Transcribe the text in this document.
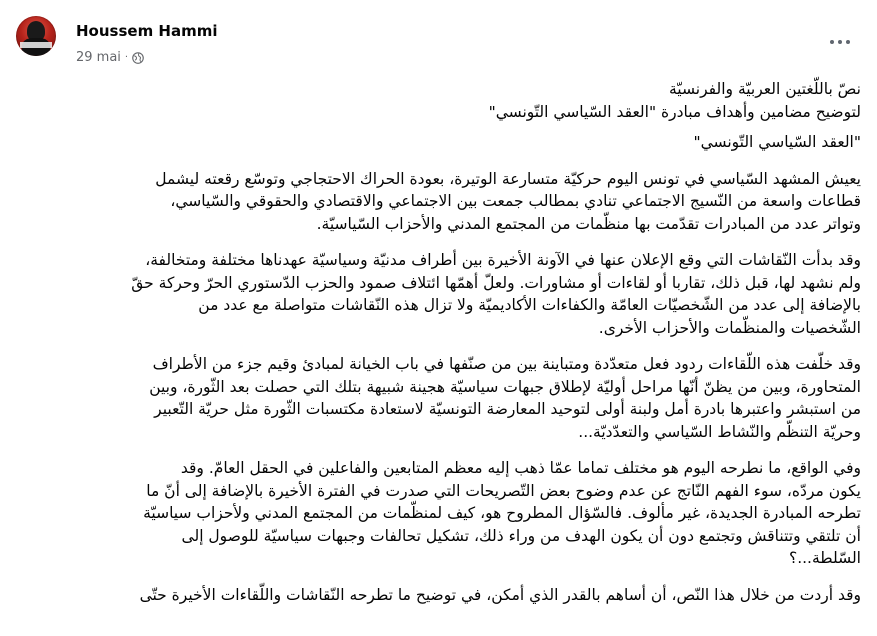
Houssem Hammi
29 mai ·

نصّ باللّغتين العربيّة والفرنسيّة
لتوضيح مضامين وأهداف مبادرة "العقد السّياسي التّونسي"

"العقد السّياسي التّونسي"

يعيش المشهد السّياسي في تونس اليوم حركيّة متسارعة الوتيرة، بعودة الحراك الاحتجاجي وتوسّع رقعته ليشمل
قطاعات واسعة من النّسيج الاجتماعي تنادي بمطالب جمعت بين الاجتماعي والاقتصادي والحقوقي والسّياسي،
وتواتر عدد من المبادرات تقدّمت بها منظّمات من المجتمع المدني والأحزاب السّياسيّة.

وقد بدأت النّقاشات التي وقع الإعلان عنها في الآونة الأخيرة بين أطراف مدنيّة وسياسيّة عهدناها مختلفة ومتخالفة،
ولم نشهد لها، قبل ذلك، تقاربا أو لقاءات أو مشاورات. ولعلّ أهمّها ائتلاف صمود والحزب الدّستوري الحرّ وحركة حقّ
بالإضافة إلى عدد من الشّخصيّات العامّة والكفاءات الأكاديميّة ولا تزال هذه النّقاشات متواصلة مع عدد من
الشّخصيات والمنظّمات والأحزاب الأخرى.

وقد خلّفت هذه اللّقاءات ردود فعل متعدّدة ومتباينة بين من صنّفها في باب الخيانة لمبادئ وقيم جزء من الأطراف
المتحاورة، وبين من يظنّ أنّها مراحل أوليّة لإطلاق جبهات سياسيّة هجينة شبيهة بتلك التي حصلت بعد الثّورة، وبين
من استبشر واعتبرها بادرة أمل ولبنة أولى لتوحيد المعارضة التونسيّة لاستعادة مكتسبات الثّورة مثل حريّة التّعبير
وحريّة التنظّم والنّشاط السّياسي والتعدّديّة...

وفي الواقع، ما نطرحه اليوم هو مختلف تماما عمّا ذهب إليه معظم المتابعين والفاعلين في الحقل العامّ. وقد
يكون مردّه، سوء الفهم النّاتج عن عدم وضوح بعض التّصريحات التي صدرت في الفترة الأخيرة بالإضافة إلى أنّ ما
تطرحه المبادرة الجديدة، غير مألوف. فالسّؤال المطروح هو، كيف لمنظّمات من المجتمع المدني ولأحزاب سياسيّة
أن تلتقي وتتناقش وتجتمع دون أن يكون الهدف من وراء ذلك، تشكيل تحالفات وجبهات سياسيّة للوصول إلى
السّلطة...؟

وقد أردت من خلال هذا النّص، أن أساهم بالقدر الذي أمكن، في توضيح ما تطرحه النّقاشات واللّقاءات الأخيرة حتّى
